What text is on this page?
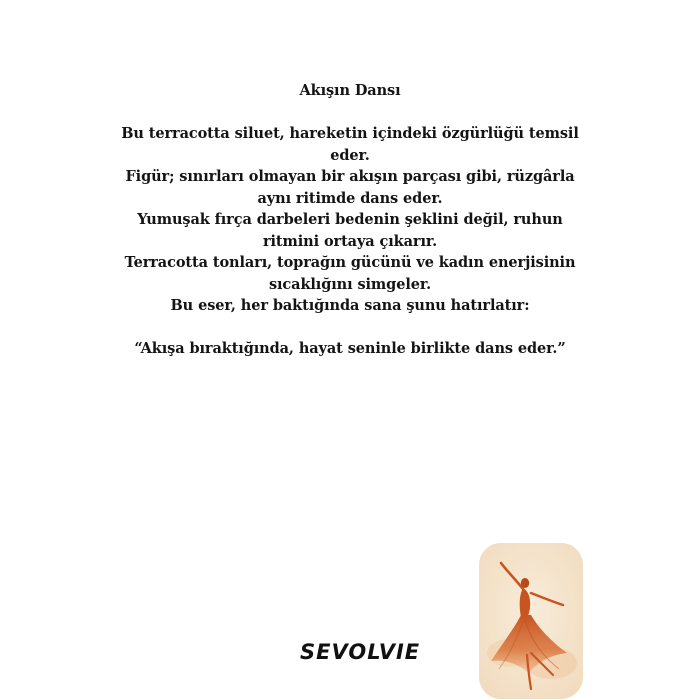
Akışın Dansı

Bu terracotta siluet, hareketin içindeki özgürlüğü temsil

eder.

Figür; sınırları olmayan bir akışın parçası gibi, rüzgârla

aynı ritimde dans eder.

Yumuşak fırça darbeleri bedenin şeklini değil, ruhun

ritmini ortaya çıkarır.

Terracotta tonları, toprağın gücünü ve kadın enerjisinin

sıcaklığını simgeler.

Bu eser, her baktığında sana şunu hatırlatır:

“Akışa bıraktığında, hayat seninle birlikte dans eder.”

SEVOLVIE
